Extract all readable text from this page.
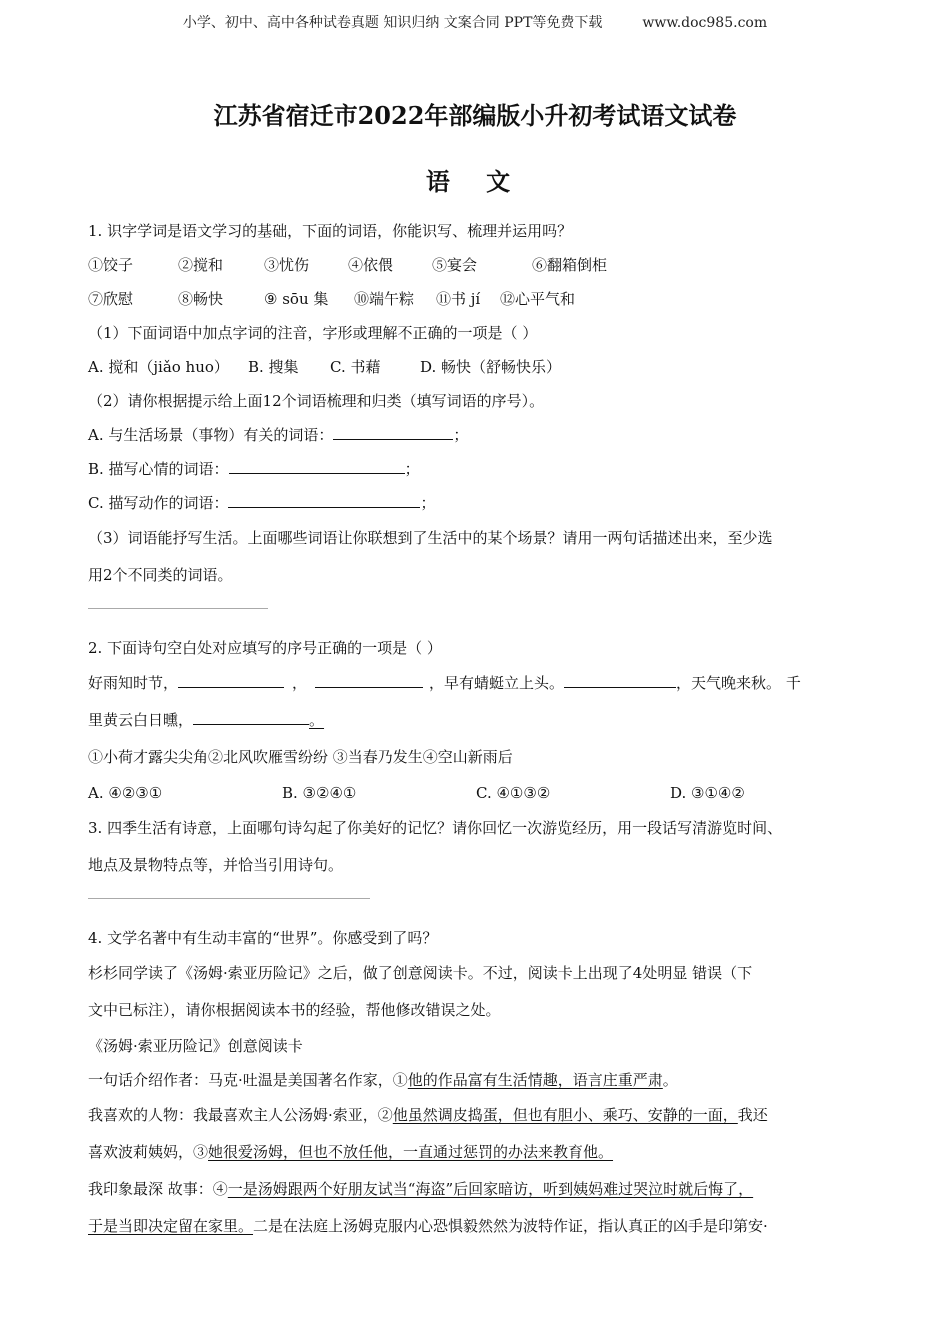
小学、初中、高中各种试卷真题 知识归纳 文案合同 PPT等免费下载	www.doc985.com
江苏省宿迁市2022年部编版小升初考试语文试卷
语 文
1. 识字学词是语文学习的基础，下面的词语，你能识写、梳理并运用吗？
①饺子	②搅和	③忧伤	④依偎	⑤宴会	⑥翻箱倒柜
⑦欣慰	⑧畅快	⑨ sōu 集 ⑩端午粽 ⑪书 jí ⑫心平气和
（1）下面词语中加点字词的注音，字形或理解不正确的一项是（ ）
A. 搅和（jiǎo huo） B. 搜集 C. 书藉	D. 畅快（舒畅快乐）
（2）请你根据提示给上面12个词语梳理和归类（填写词语的序号）。
A. 与生活场景（事物）有关的词语：	；
B. 描写心情的词语：	；
C. 描写动作的词语：	；
（3）词语能抒写生活。上面哪些词语让你联想到了生活中的某个场景？请用一两句话描述出来，至少选
用2个不同类的词语。
2. 下面诗句空白处对应填写的序号正确的一项是（ ）
好雨知时节，	，	，早有蜻蜓立上头。	，天气晚来秋。 千
里黄云白日曛，	。
①小荷才露尖尖角②北风吹雁雪纷纷 ③当春乃发生④空山新雨后
A. ④②③①	B. ③②④①	C. ④①③②	D. ③①④②
3. 四季生活有诗意，上面哪句诗勾起了你美好的记忆？请你回忆一次游览经历，用一段话写清游览时间、
地点及景物特点等，并恰当引用诗句。
4. 文学名著中有生动丰富的“世界”。你感受到了吗？
杉杉同学读了《汤姆·索亚历险记》之后，做了创意阅读卡。不过，阅读卡上出现了4处明显 错误（下
文中已标注），请你根据阅读本书的经验，帮他修改错误之处。
《汤姆·索亚历险记》创意阅读卡
一句话介绍作者：马克·吐温是美国著名作家，①他的作品富有生活情趣，语言庄重严肃。
我喜欢的人物：我最喜欢主人公汤姆·索亚，②他虽然调皮捣蛋，但也有胆小、乘巧、安静的一面，我还
喜欢波莉姨妈，③她很爱汤姆，但也不放任他，一直通过惩罚的办法来教育他。
我印象最深 故事：④一是汤姆跟两个好朋友试当“海盗”后回家暗访，听到姨妈难过哭泣时就后悔了，
于是当即决定留在家里。二是在法庭上汤姆克服内心恐惧毅然然为波特作证，指认真正的凶手是印第安·
